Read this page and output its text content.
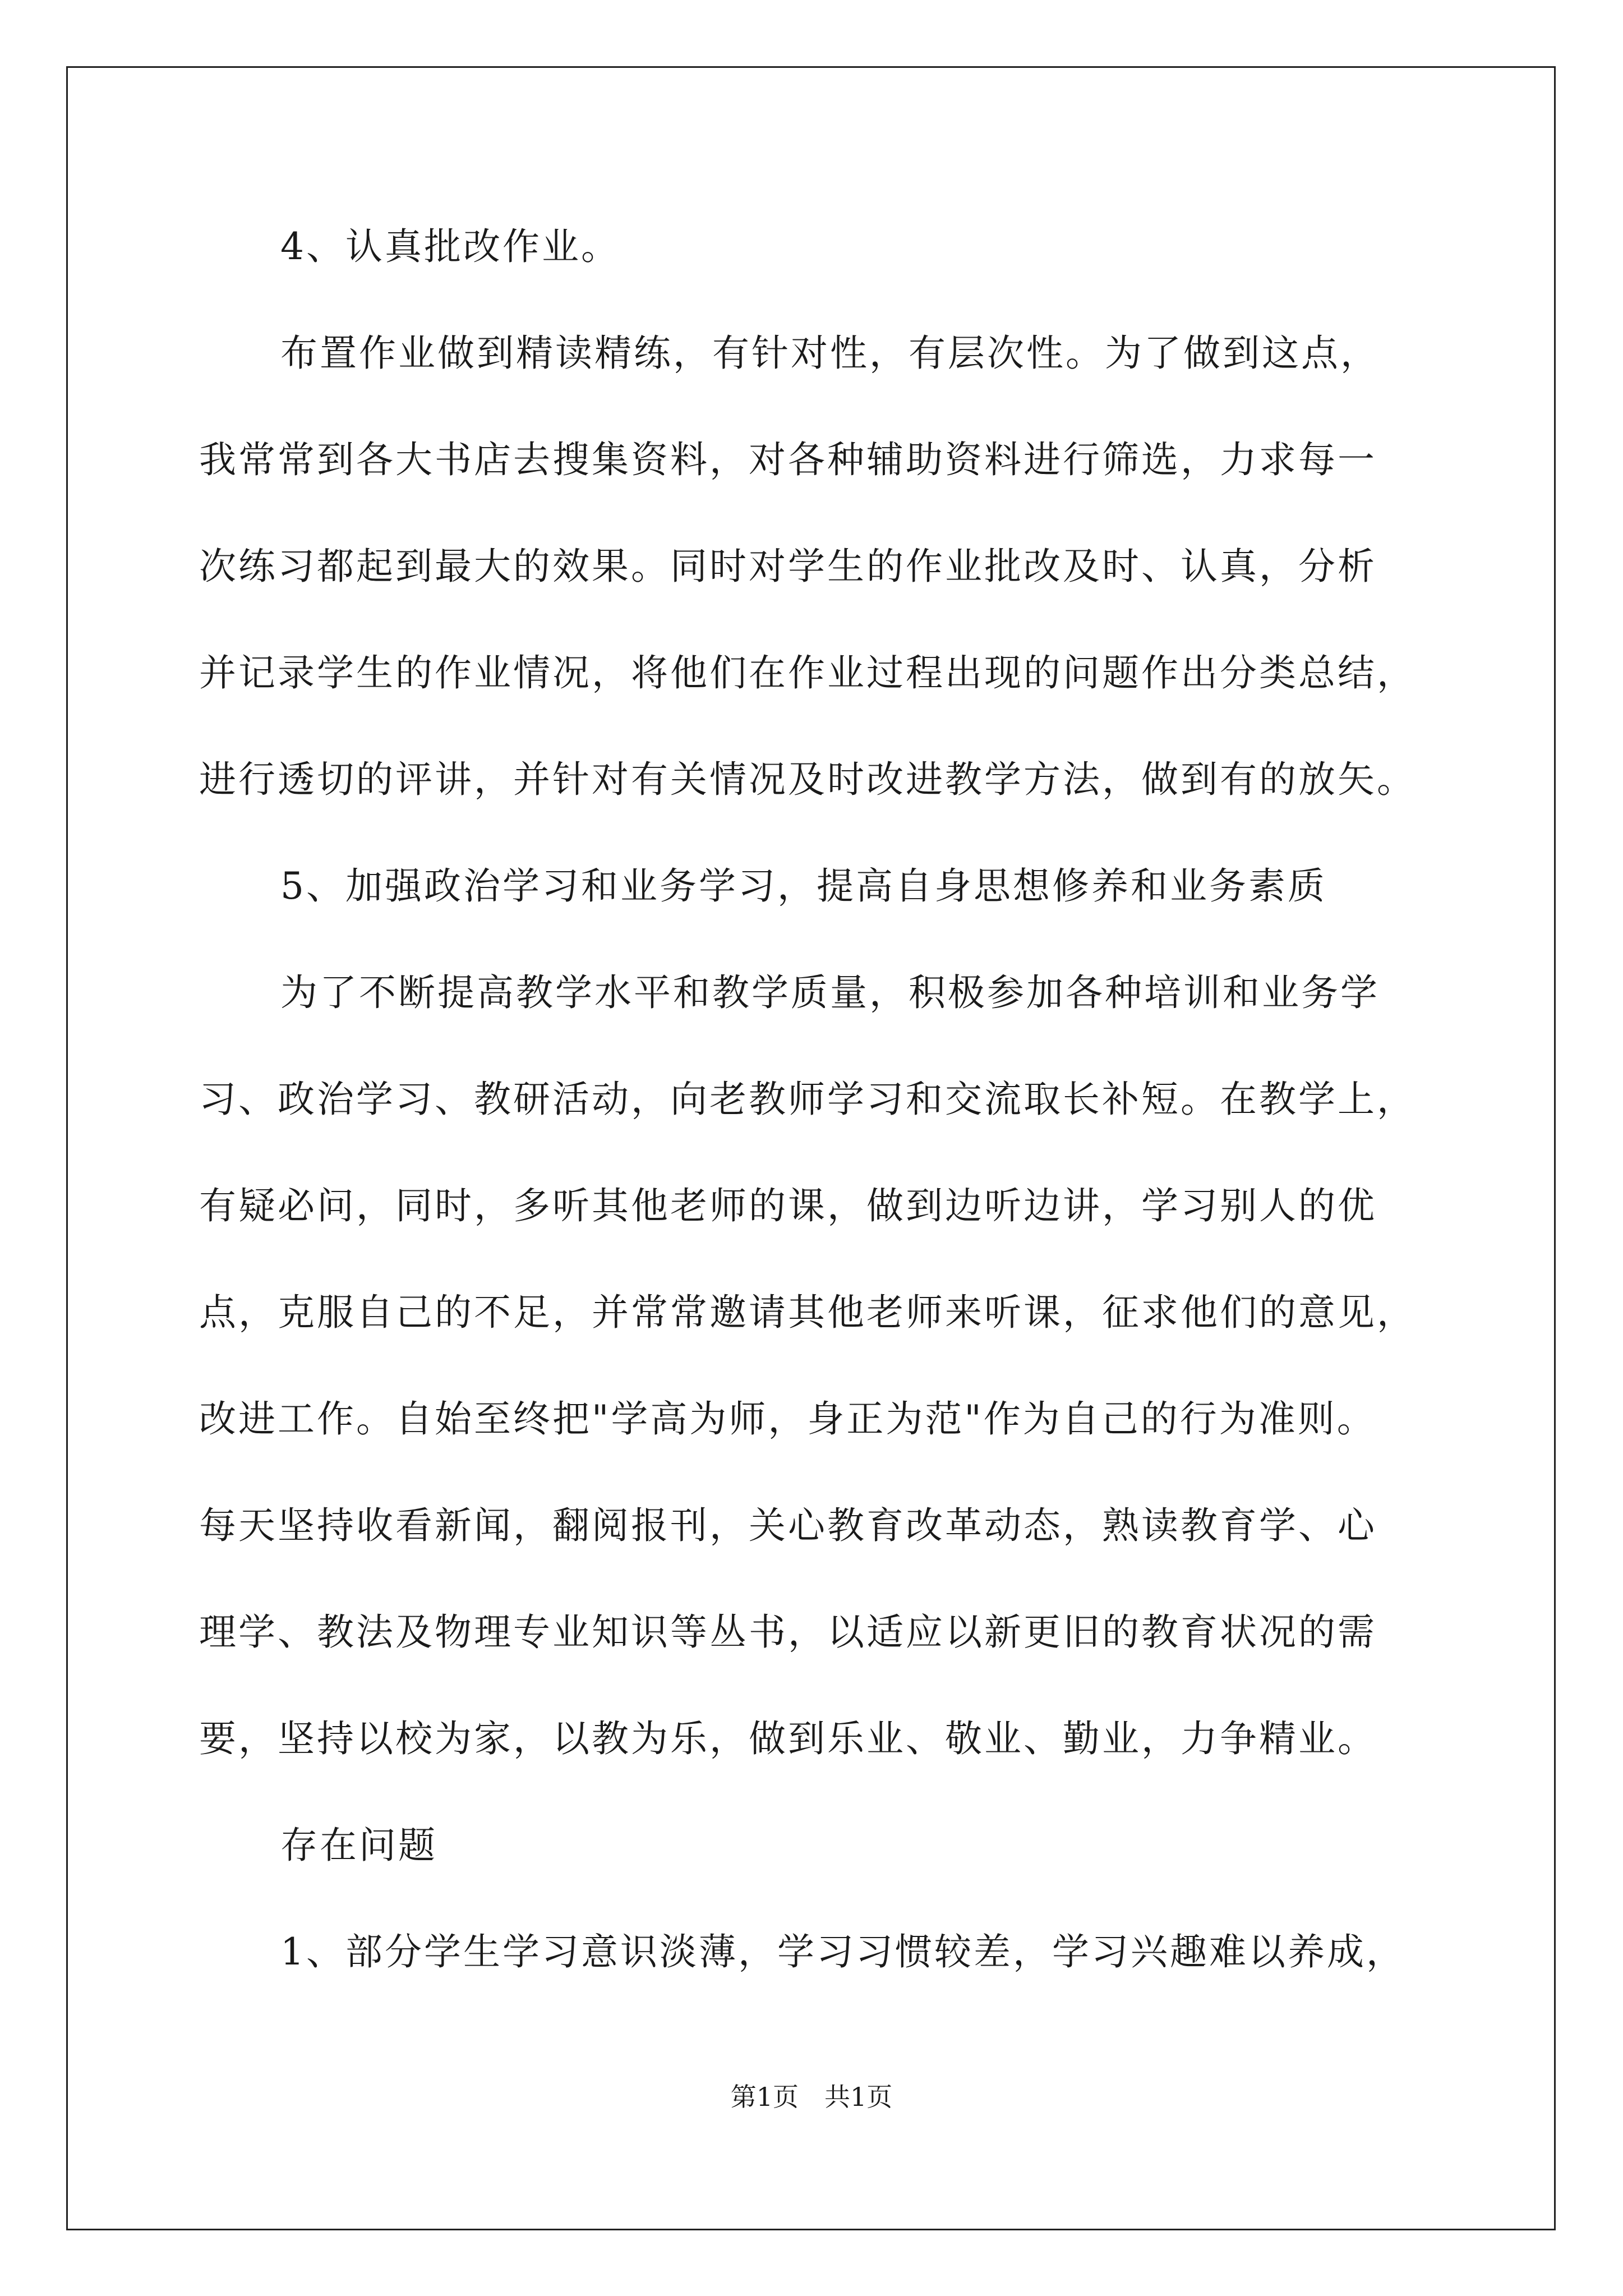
4、认真批改作业。
布置作业做到精读精练，有针对性，有层次性。为了做到这点，
我常常到各大书店去搜集资料，对各种辅助资料进行筛选，力求每一
次练习都起到最大的效果。同时对学生的作业批改及时、认真，分析
并记录学生的作业情况，将他们在作业过程出现的问题作出分类总结，
进行透切的评讲，并针对有关情况及时改进教学方法，做到有的放矢。
5、加强政治学习和业务学习，提高自身思想修养和业务素质
为了不断提高教学水平和教学质量，积极参加各种培训和业务学
习、政治学习、教研活动，向老教师学习和交流取长补短。在教学上，
有疑必问，同时，多听其他老师的课，做到边听边讲，学习别人的优
点，克服自己的不足，并常常邀请其他老师来听课，征求他们的意见，
改进工作。自始至终把"学高为师，身正为范"作为自己的行为准则。
每天坚持收看新闻，翻阅报刊，关心教育改革动态，熟读教育学、心
理学、教法及物理专业知识等丛书，以适应以新更旧的教育状况的需
要，坚持以校为家，以教为乐，做到乐业、敬业、勤业，力争精业。
存在问题
1、部分学生学习意识淡薄，学习习惯较差，学习兴趣难以养成，
第1页　共1页
